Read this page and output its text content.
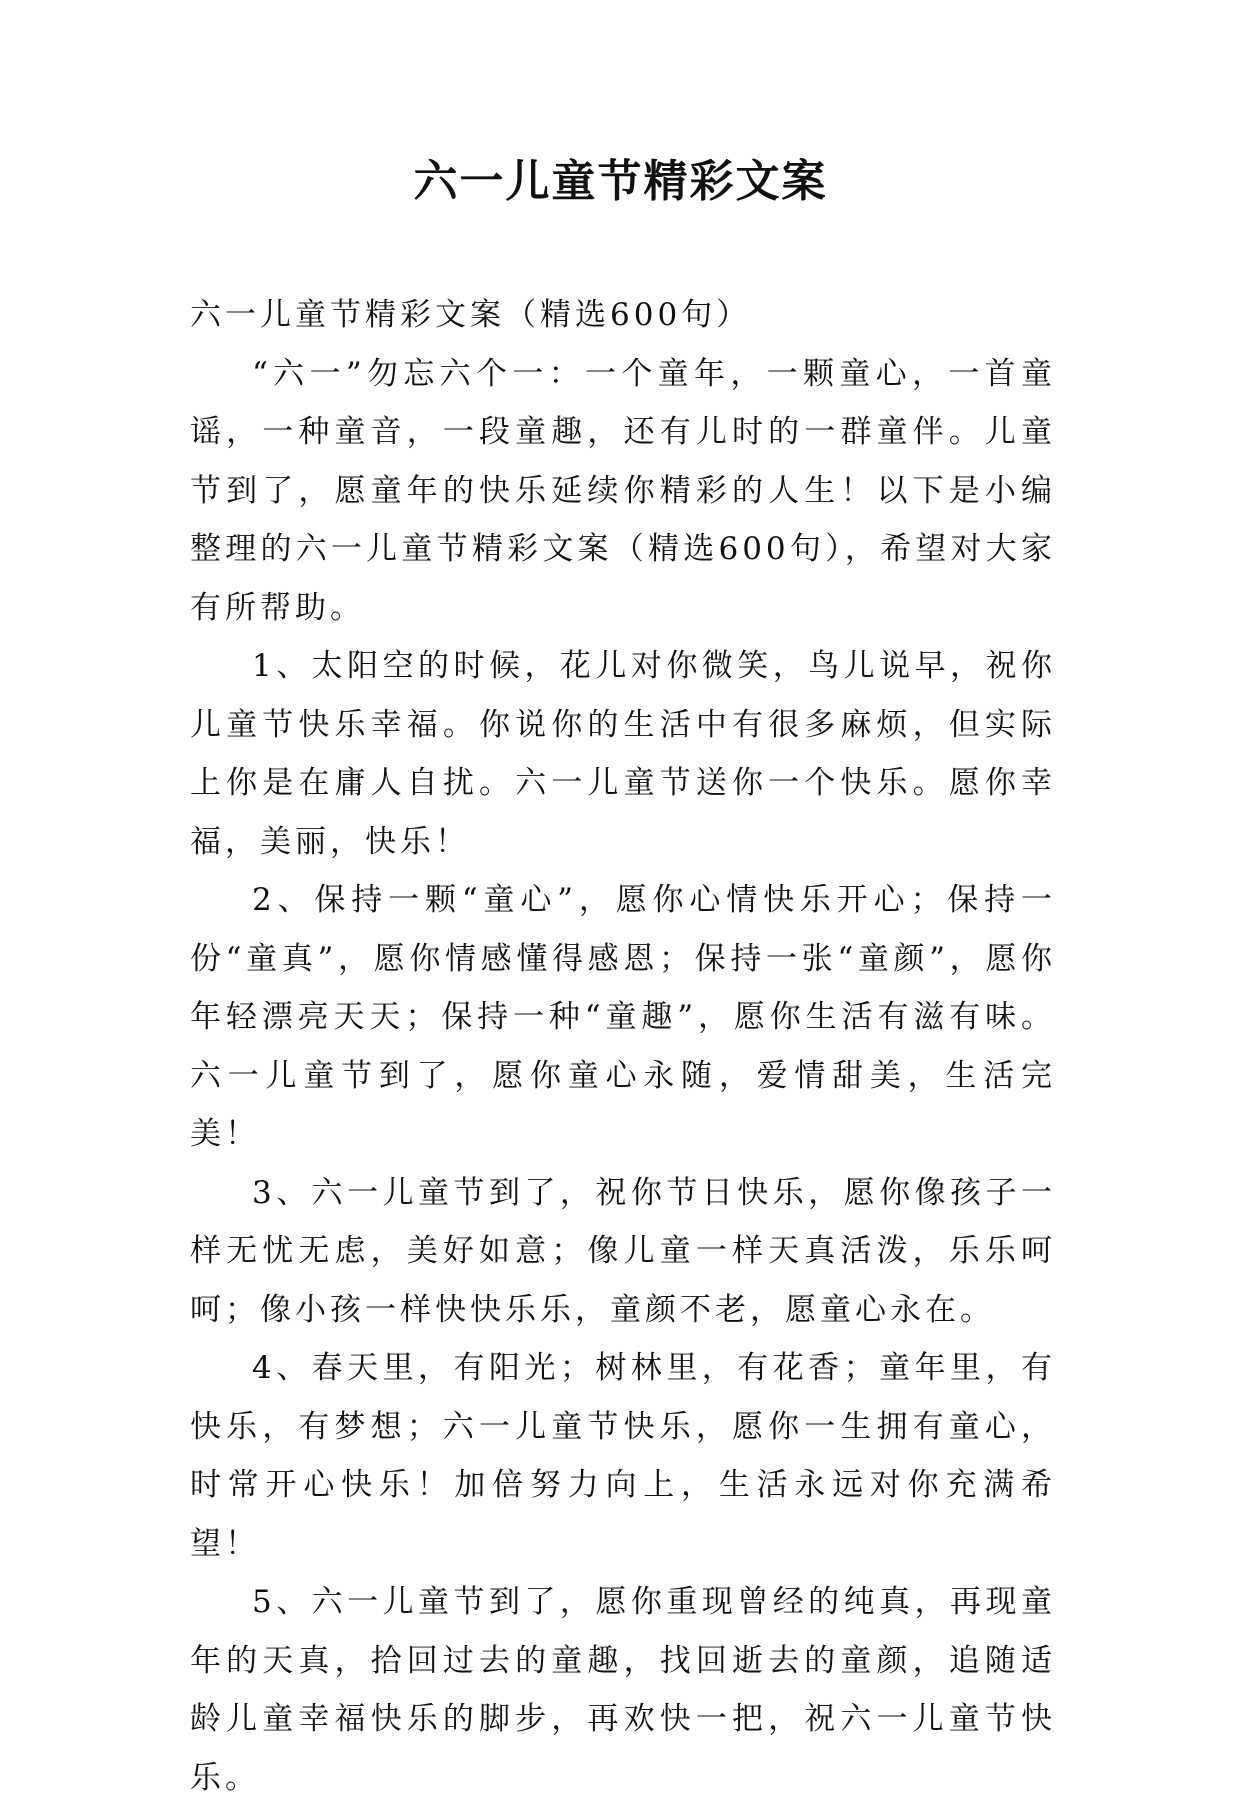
六一儿童节精彩文案

六一儿童节精彩文案（精选600句）

“六一”勿忘六个一：一个童年，一颗童心，一首童谣，一种童音，一段童趣，还有儿时的一群童伴。儿童节到了，愿童年的快乐延续你精彩的人生！以下是小编整理的六一儿童节精彩文案（精选600句），希望对大家有所帮助。

1、太阳空的时候，花儿对你微笑，鸟儿说早，祝你儿童节快乐幸福。你说你的生活中有很多麻烦，但实际上你是在庸人自扰。六一儿童节送你一个快乐。愿你幸福，美丽，快乐！

2、保持一颗“童心”，愿你心情快乐开心；保持一份“童真”，愿你情感懂得感恩；保持一张“童颜”，愿你年轻漂亮天天；保持一种“童趣”，愿你生活有滋有味。六一儿童节到了，愿你童心永随，爱情甜美，生活完美！

3、六一儿童节到了，祝你节日快乐，愿你像孩子一样无忧无虑，美好如意；像儿童一样天真活泼，乐乐呵呵；像小孩一样快快乐乐，童颜不老，愿童心永在。

4、春天里，有阳光；树林里，有花香；童年里，有快乐，有梦想；六一儿童节快乐，愿你一生拥有童心，时常开心快乐！加倍努力向上，生活永远对你充满希望！

5、六一儿童节到了，愿你重现曾经的纯真，再现童年的天真，拾回过去的童趣，找回逝去的童颜，追随适龄儿童幸福快乐的脚步，再欢快一把，祝六一儿童节快乐。
